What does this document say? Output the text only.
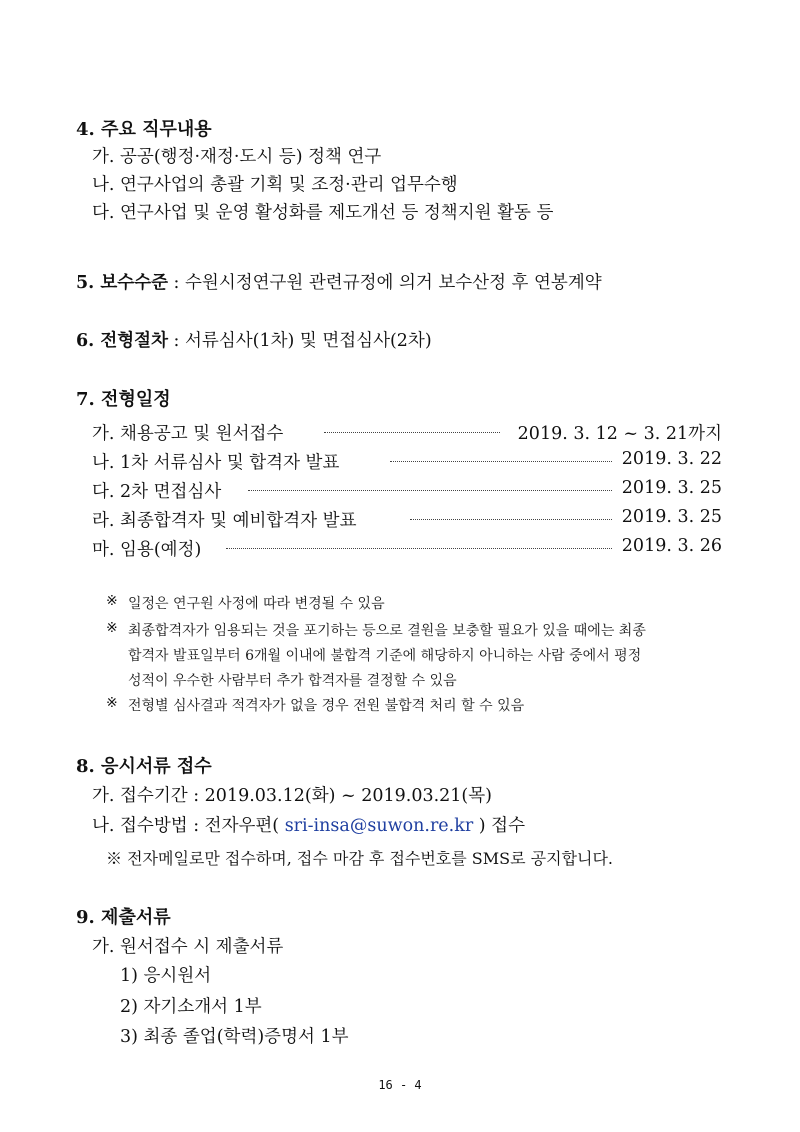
4. 주요 직무내용
가. 공공(행정·재정·도시 등) 정책 연구
나. 연구사업의 총괄 기획 및 조정·관리 업무수행
다. 연구사업 및 운영 활성화를 제도개선 등 정책지원 활동 등
5. 보수수준 : 수원시정연구원 관련규정에 의거 보수산정 후 연봉계약
6. 전형절차 : 서류심사(1차) 및 면접심사(2차)
7. 전형일정
가. 채용공고 및 원서접수	2019. 3. 12 ~ 3. 21까지
나. 1차 서류심사 및 합격자 발표	2019. 3. 22
다. 2차 면접심사	2019. 3. 25
라. 최종합격자 및 예비합격자 발표	2019. 3. 25
마. 임용(예정)	2019. 3. 26
※ 일정은 연구원 사정에 따라 변경될 수 있음
※ 최종합격자가 임용되는 것을 포기하는 등으로 결원을 보충할 필요가 있을 때에는 최종
합격자 발표일부터 6개월 이내에 불합격 기준에 해당하지 아니하는 사람 중에서 평정
성적이 우수한 사람부터 추가 합격자를 결정할 수 있음
※ 전형별 심사결과 적격자가 없을 경우 전원 불합격 처리 할 수 있음
8. 응시서류 접수
가. 접수기간 : 2019.03.12(화) ~ 2019.03.21(목)
나. 접수방법 : 전자우편( sri-insa@suwon.re.kr ) 접수
※ 전자메일로만 접수하며, 접수 마감 후 접수번호를 SMS로 공지합니다.
9. 제출서류
가. 원서접수 시 제출서류
1) 응시원서
2) 자기소개서 1부
3) 최종 졸업(학력)증명서 1부
16 - 4
